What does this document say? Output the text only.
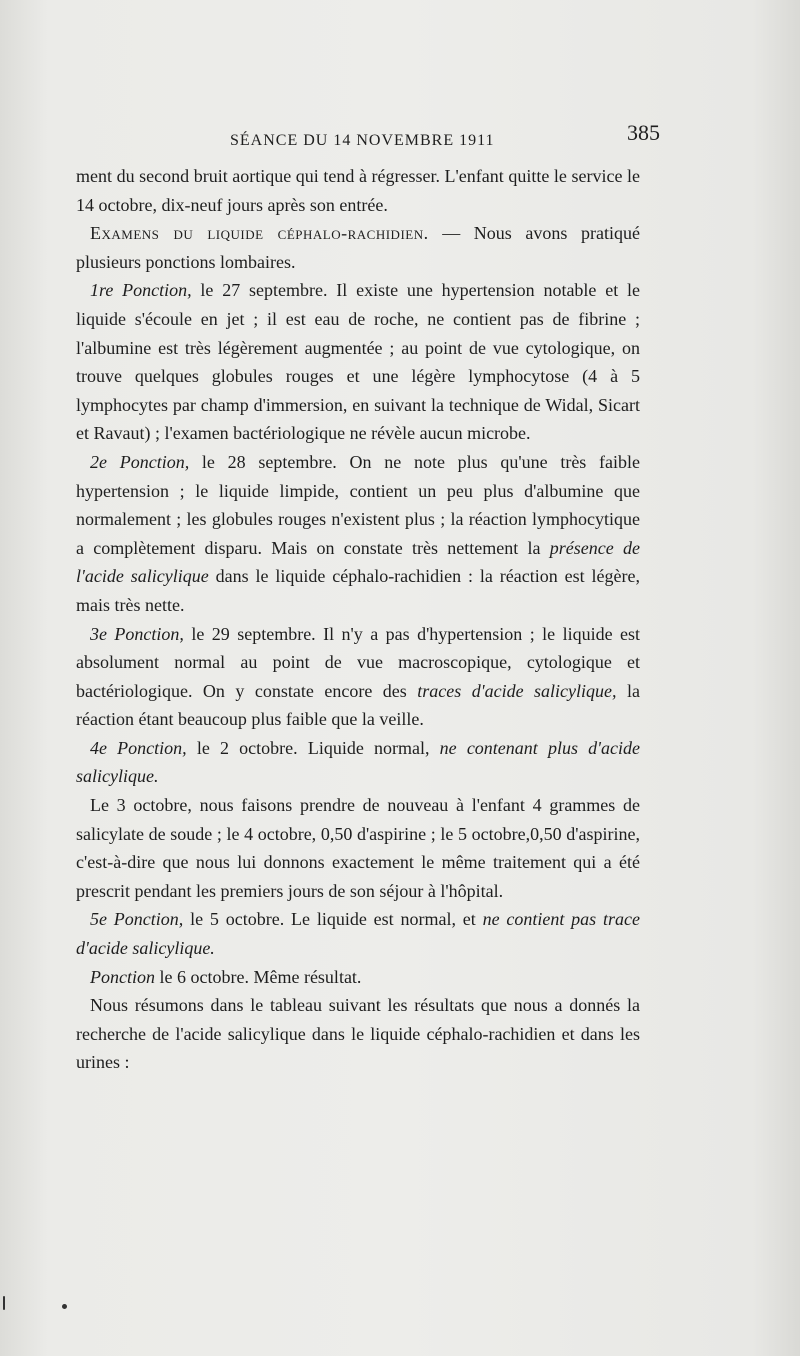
SÉANCE DU 14 NOVEMBRE 1911	385

ment du second bruit aortique qui tend à régresser. L'enfant quitte le service le 14 octobre, dix-neuf jours après son entrée.

Examens du liquide céphalo-rachidien. — Nous avons pratiqué plusieurs ponctions lombaires.

1re Ponction, le 27 septembre. Il existe une hypertension notable et le liquide s'écoule en jet ; il est eau de roche, ne contient pas de fibrine ; l'albumine est très légèrement augmentée ; au point de vue cytologique, on trouve quelques globules rouges et une légère lymphocytose (4 à 5 lymphocytes par champ d'immersion, en suivant la technique de Widal, Sicart et Ravaut) ; l'examen bactériologique ne révèle aucun microbe.

2e Ponction, le 28 septembre. On ne note plus qu'une très faible hypertension ; le liquide limpide, contient un peu plus d'albumine que normalement ; les globules rouges n'existent plus ; la réaction lymphocytique a complètement disparu. Mais on constate très nettement la présence de l'acide salicylique dans le liquide céphalo-rachidien : la réaction est légère, mais très nette.

3e Ponction, le 29 septembre. Il n'y a pas d'hypertension ; le liquide est absolument normal au point de vue macroscopique, cytologique et bactériologique. On y constate encore des traces d'acide salicylique, la réaction étant beaucoup plus faible que la veille.

4e Ponction, le 2 octobre. Liquide normal, ne contenant plus d'acide salicylique.

Le 3 octobre, nous faisons prendre de nouveau à l'enfant 4 grammes de salicylate de soude ; le 4 octobre, 0,50 d'aspirine ; le 5 octobre,0,50 d'aspirine, c'est-à-dire que nous lui donnons exactement le même traitement qui a été prescrit pendant les premiers jours de son séjour à l'hôpital.

5e Ponction, le 5 octobre. Le liquide est normal, et ne contient pas trace d'acide salicylique.

Ponction le 6 octobre. Même résultat.

Nous résumons dans le tableau suivant les résultats que nous a donnés la recherche de l'acide salicylique dans le liquide céphalo-rachidien et dans les urines :
